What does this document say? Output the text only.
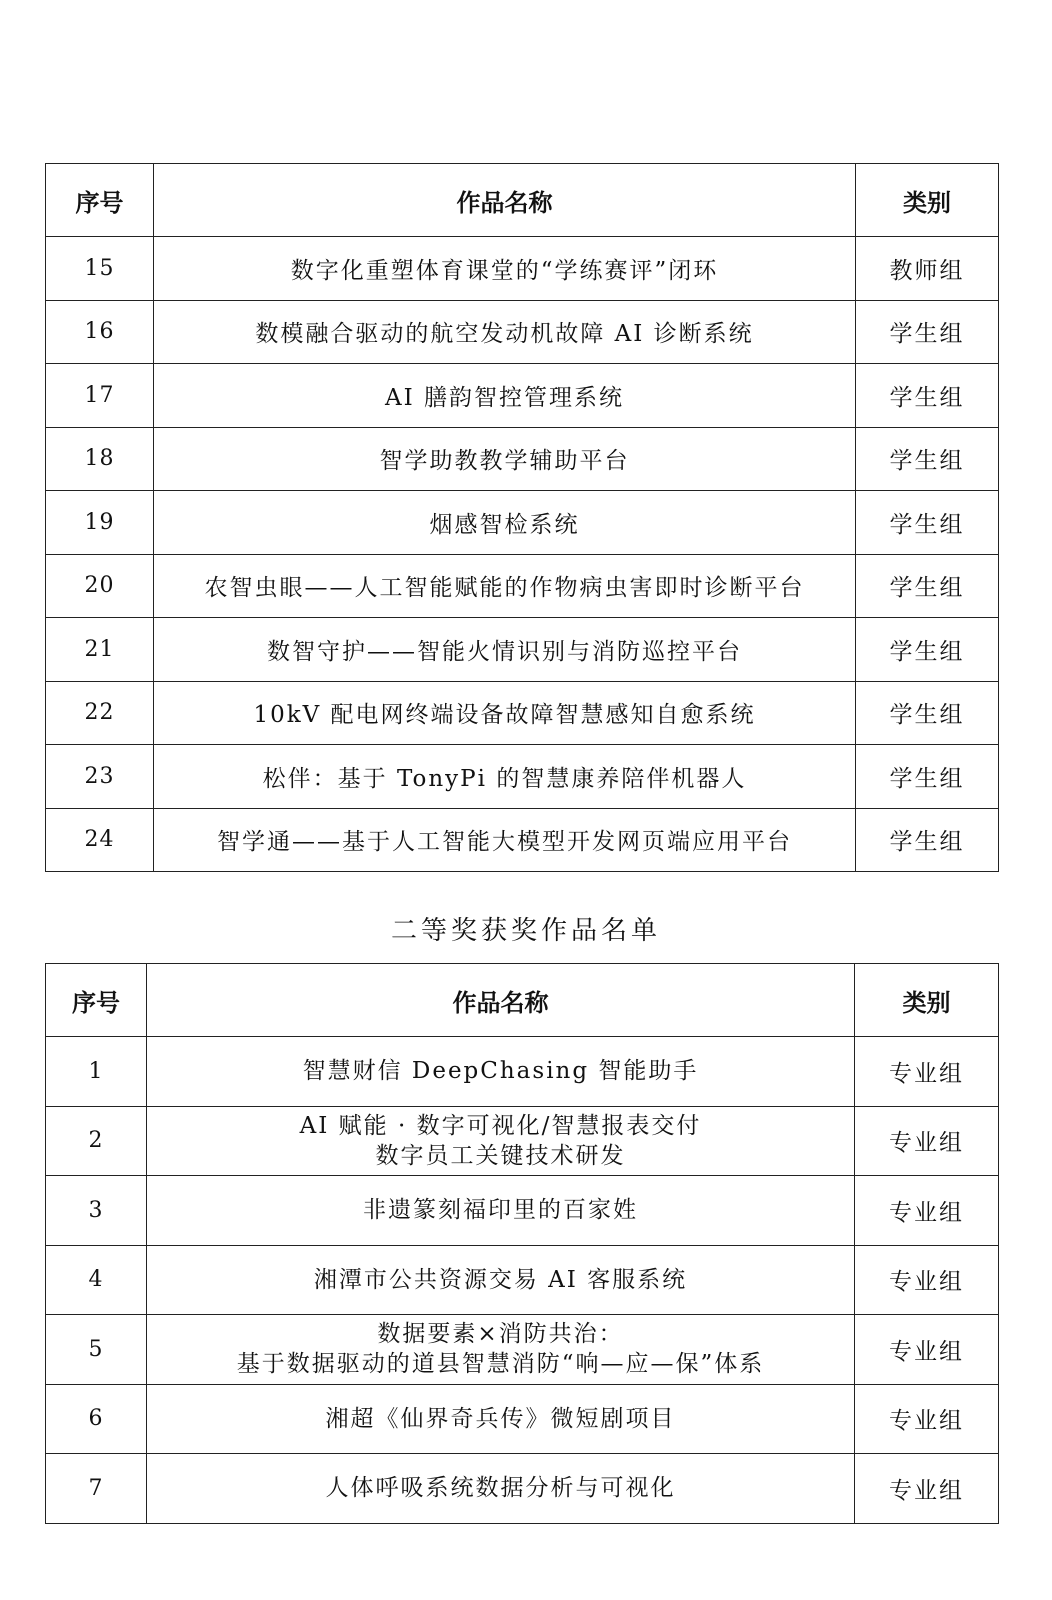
序号	作品名称	类别
15	数字化重塑体育课堂的“学练赛评”闭环	教师组
16	数模融合驱动的航空发动机故障 AI 诊断系统	学生组
17	AI 膳韵智控管理系统	学生组
18	智学助教教学辅助平台	学生组
19	烟感智检系统	学生组
20	农智虫眼——人工智能赋能的作物病虫害即时诊断平台	学生组
21	数智守护——智能火情识别与消防巡控平台	学生组
22	10kV 配电网终端设备故障智慧感知自愈系统	学生组
23	松伴：基于 TonyPi 的智慧康养陪伴机器人	学生组
24	智学通——基于人工智能大模型开发网页端应用平台	学生组
二等奖获奖作品名单
序号	作品名称	类别
1	智慧财信 DeepChasing 智能助手	专业组
2	AI 赋能 · 数字可视化/智慧报表交付
数字员工关键技术研发	专业组
3	非遗篆刻福印里的百家姓	专业组
4	湘潭市公共资源交易 AI 客服系统	专业组
5	数据要素×消防共治：
基于数据驱动的道县智慧消防“响—应—保”体系	专业组
6	湘超《仙界奇兵传》微短剧项目	专业组
7	人体呼吸系统数据分析与可视化	专业组
